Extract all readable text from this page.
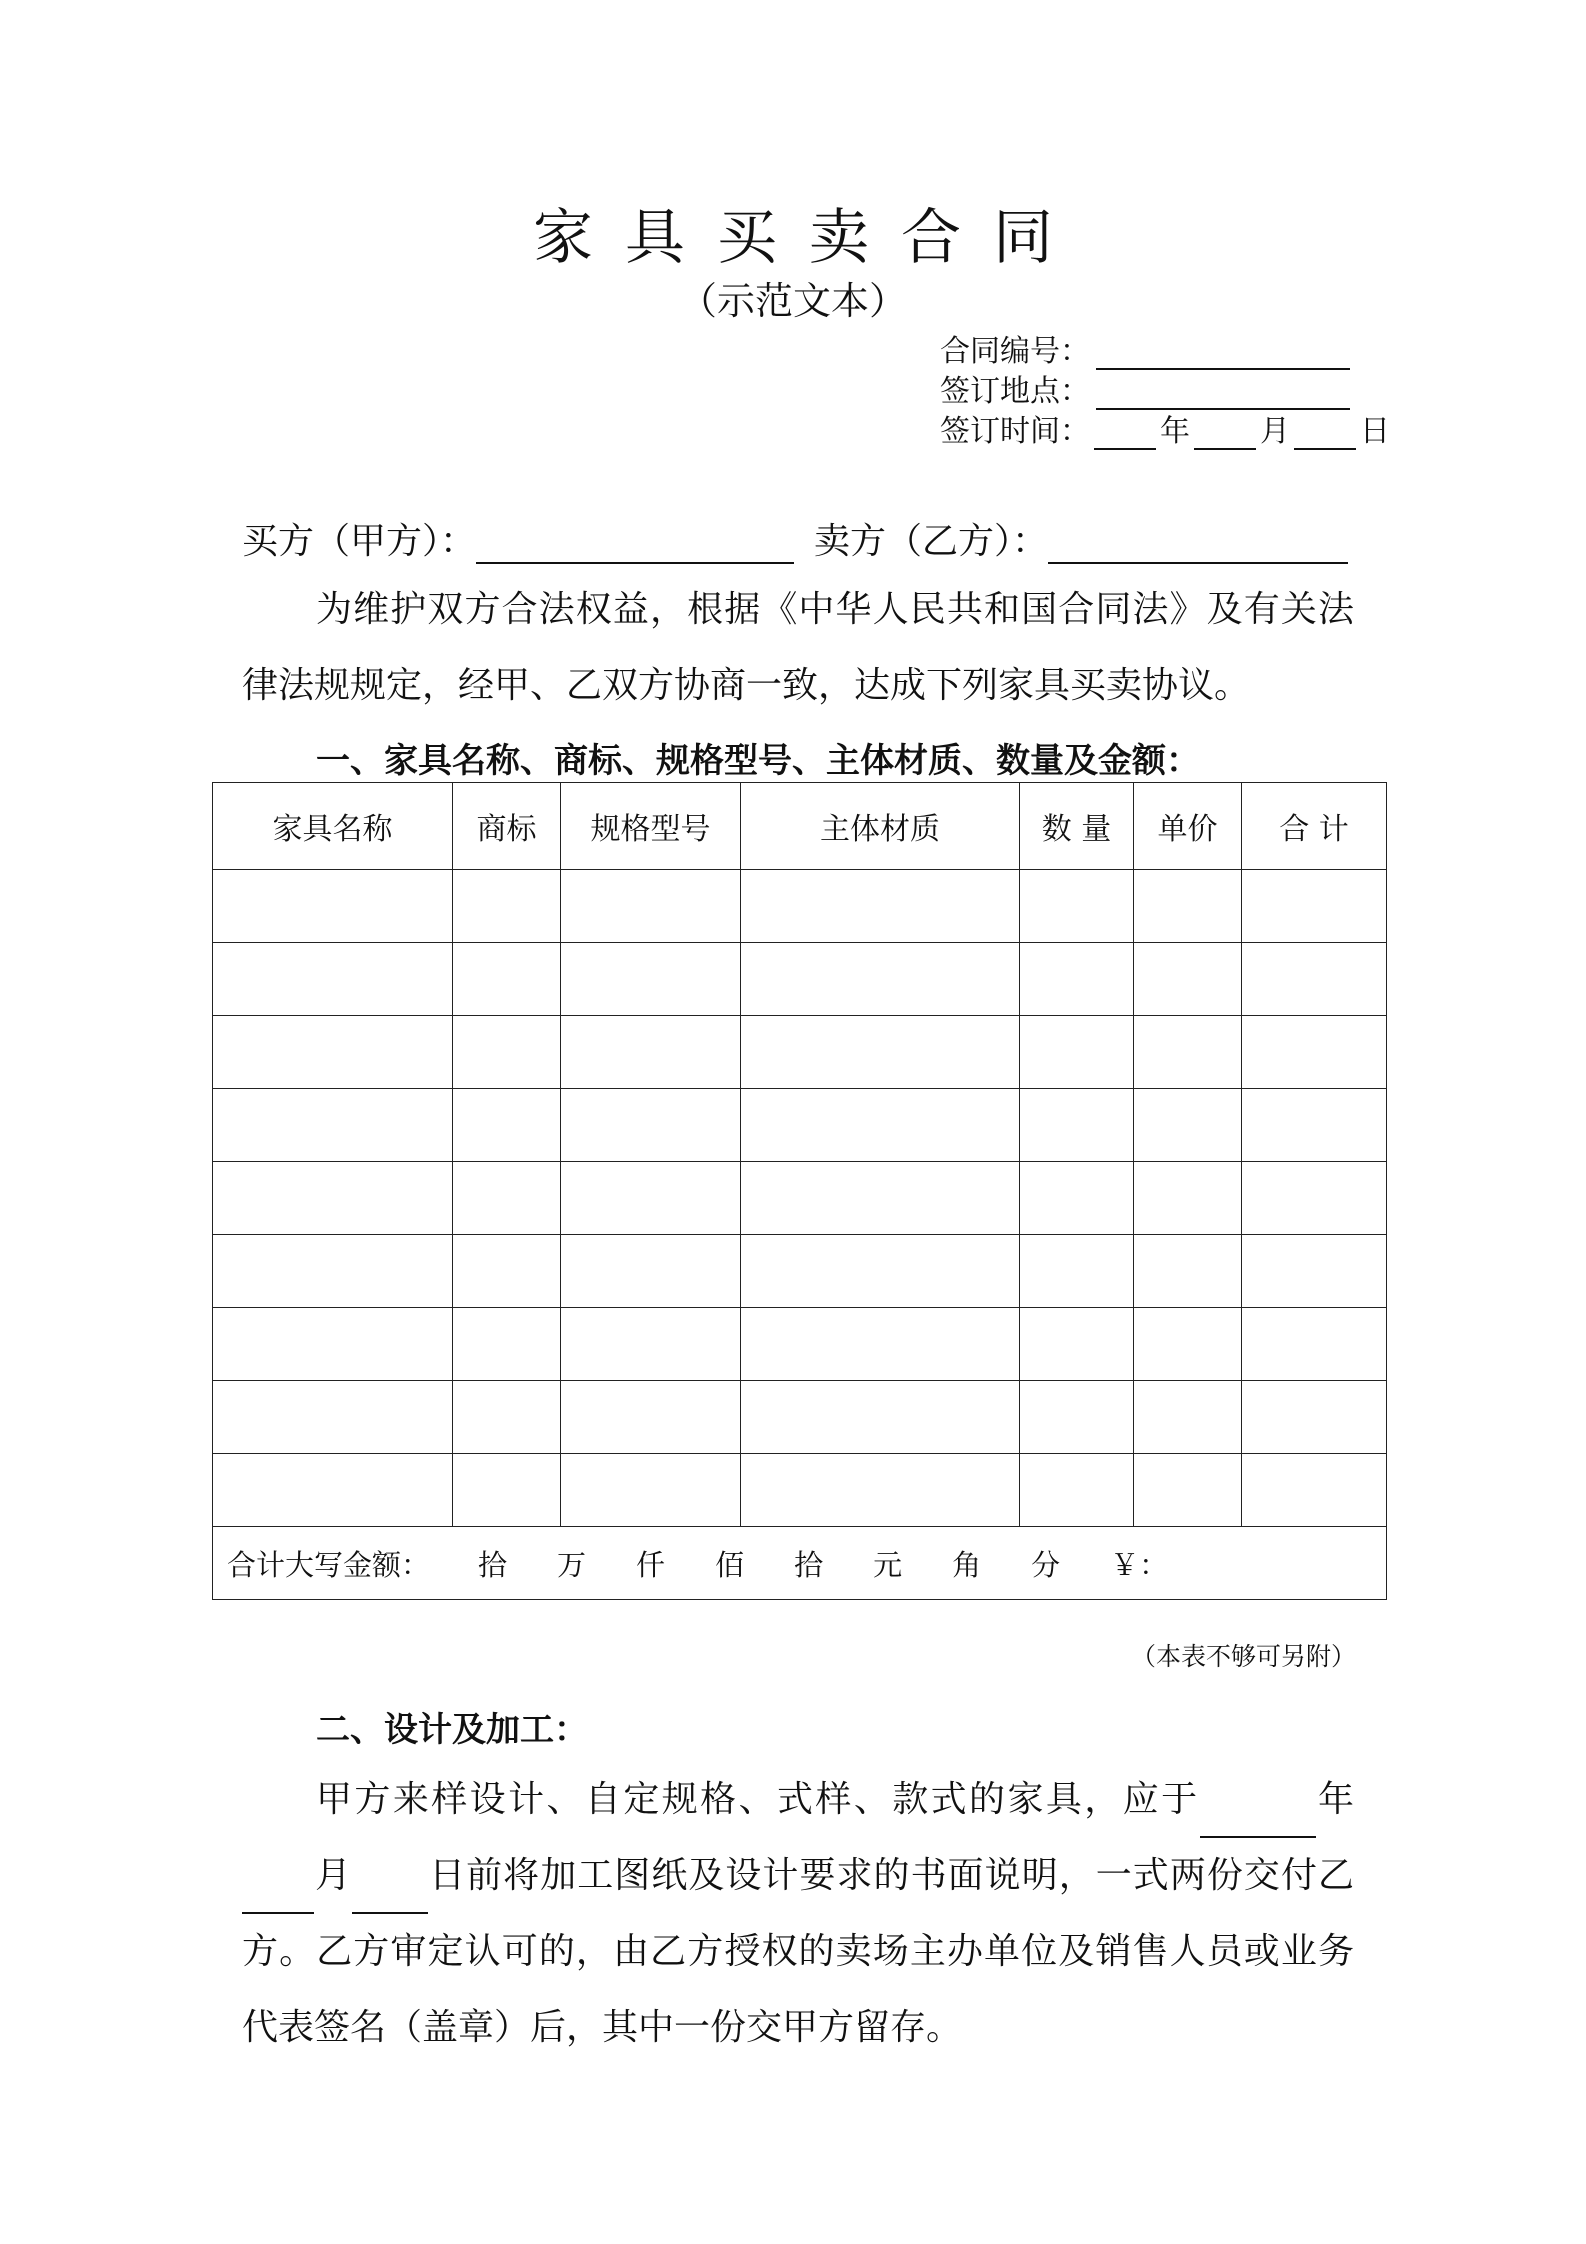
家具买卖合同
（示范文本）
合同编号：
签订地点：
签订时间： 年 月 日
买方（甲方）：	卖方（乙方）：
为维护双方合法权益，根据《中华人民共和国合同法》及有关法律法规规定，经甲、乙双方协商一致，达成下列家具买卖协议。
一、家具名称、商标、规格型号、主体材质、数量及金额：
家具名称	商标	规格型号	主体材质	数 量	单价	合 计

合计大写金额： 拾 万 仟 佰 拾 元 角 分 ￥：						
（本表不够可另附）
二、设计及加工：
甲方来样设计、自定规格、式样、款式的家具，应于	年月 日前将加工图纸及设计要求的书面说明，一式两份交付乙方。乙方审定认可的，由乙方授权的卖场主办单位及销售人员或业务代表签名（盖章）后，其中一份交甲方留存。
